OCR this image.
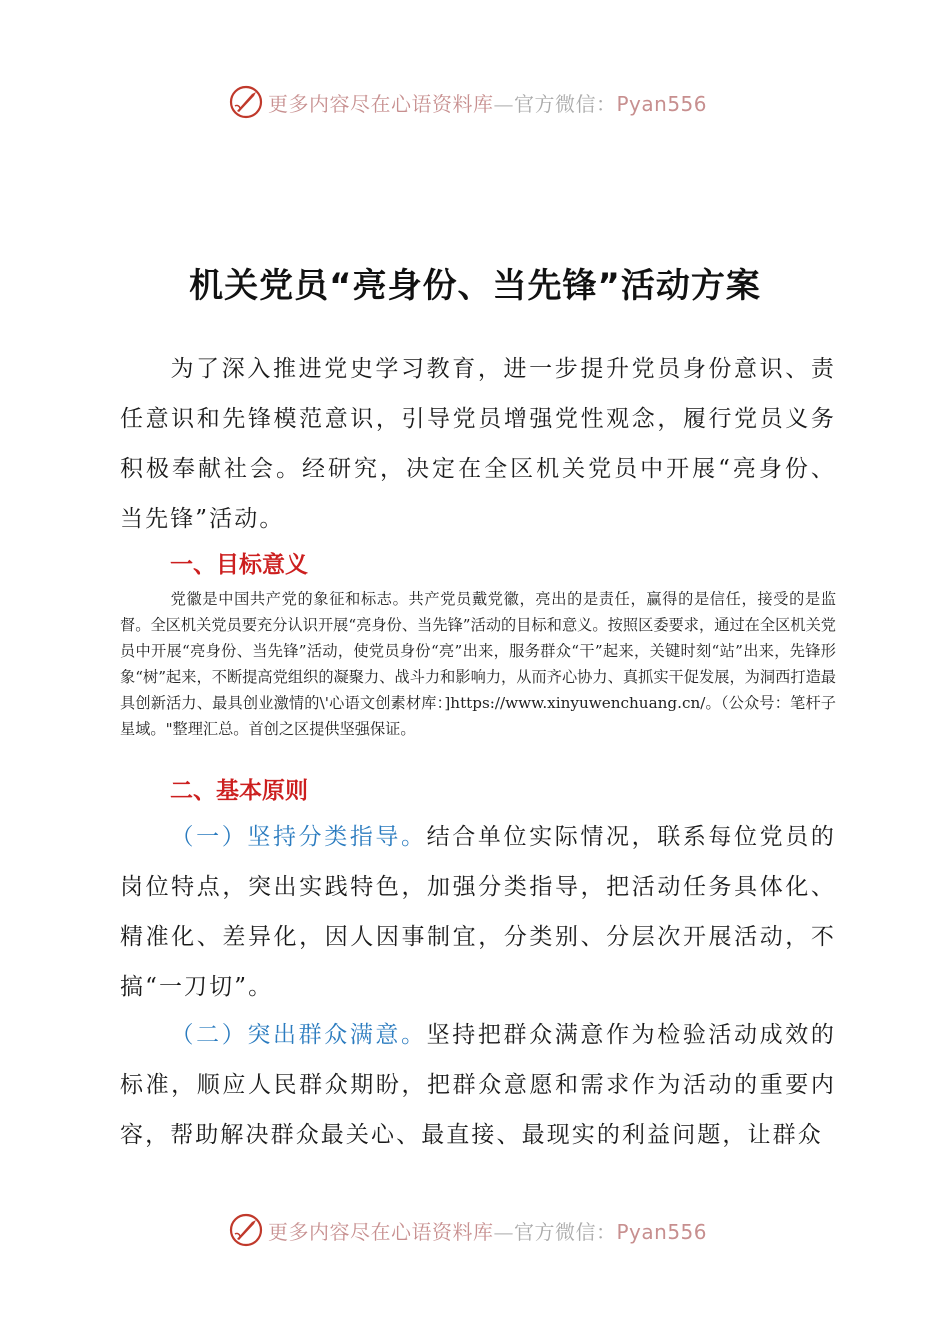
更多内容尽在心语资料库—官方微信：Pyan556
机关党员“亮身份、当先锋”活动方案

为了深入推进党史学习教育，进一步提升党员身份意识、责任意识和先锋模范意识，引导党员增强党性观念，履行党员义务积极奉献社会。经研究，决定在全区机关党员中开展“亮身份、当先锋”活动。

一、目标意义

党徽是中国共产党的象征和标志。共产党员戴党徽，亮出的是责任，赢得的是信任，接受的是监督。全区机关党员要充分认识开展“亮身份、当先锋”活动的目标和意义。按照区委要求，通过在全区机关党员中开展“亮身份、当先锋”活动，使党员身份“亮”出来，服务群众“干”起来，关键时刻“站”出来，先锋形象“树”起来，不断提高党组织的凝聚力、战斗力和影响力，从而齐心协力、真抓实干促发展，为洞西打造最具创新活力、最具创业激情的\'心语文创素材库：]https://www.xinyuwenchuang.cn/。（公众号：笔杆子星域。"整理汇总。首创之区提供坚强保证。

二、基本原则

（一）坚持分类指导。结合单位实际情况，联系每位党员的岗位特点，突出实践特色，加强分类指导，把活动任务具体化、精准化、差异化，因人因事制宜，分类别、分层次开展活动，不搞“一刀切”。

（二）突出群众满意。坚持把群众满意作为检验活动成效的标准，顺应人民群众期盼，把群众意愿和需求作为活动的重要内容，帮助解决群众最关心、最直接、最现实的利益问题，让群众

更多内容尽在心语资料库—官方微信：Pyan556
